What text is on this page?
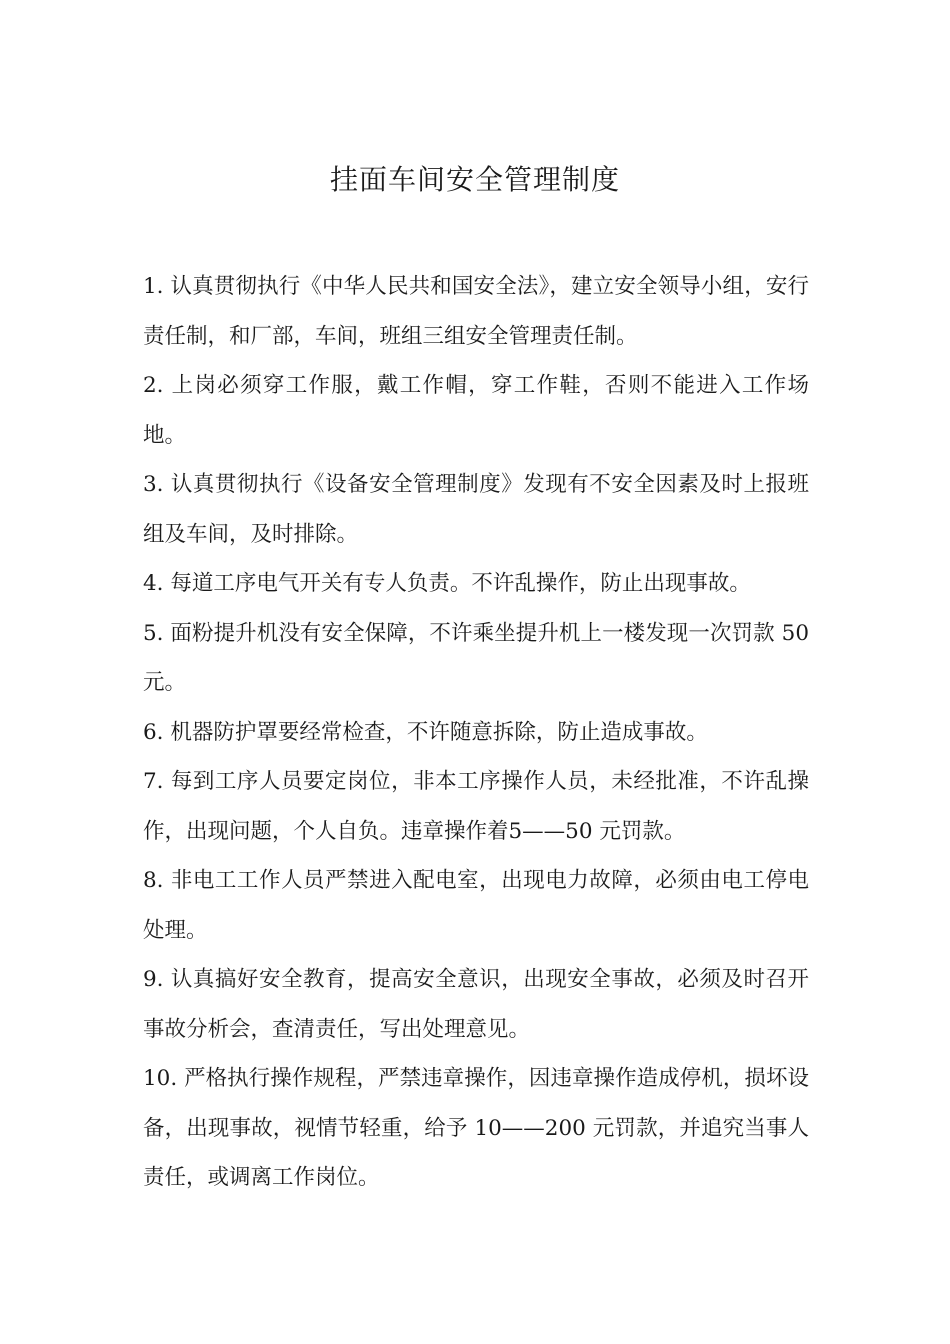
挂面车间安全管理制度
1. 认真贯彻执行《中华人民共和国安全法》，建立安全领导小组，安行责任制，和厂部，车间，班组三组安全管理责任制。
2. 上岗必须穿工作服，戴工作帽，穿工作鞋，否则不能进入工作场地。
3. 认真贯彻执行《设备安全管理制度》发现有不安全因素及时上报班组及车间，及时排除。
4. 每道工序电气开关有专人负责。不许乱操作，防止出现事故。
5. 面粉提升机没有安全保障，不许乘坐提升机上一楼发现一次罚款 50 元。
6. 机器防护罩要经常检查，不许随意拆除，防止造成事故。
7. 每到工序人员要定岗位，非本工序操作人员，未经批准，不许乱操作，出现问题，个人自负。违章操作着5——50 元罚款。
8. 非电工工作人员严禁进入配电室，出现电力故障，必须由电工停电处理。
9. 认真搞好安全教育，提高安全意识，出现安全事故，必须及时召开事故分析会，查清责任，写出处理意见。
10. 严格执行操作规程，严禁违章操作，因违章操作造成停机，损坏设备，出现事故，视情节轻重，给予 10——200 元罚款，并追究当事人责任，或调离工作岗位。
